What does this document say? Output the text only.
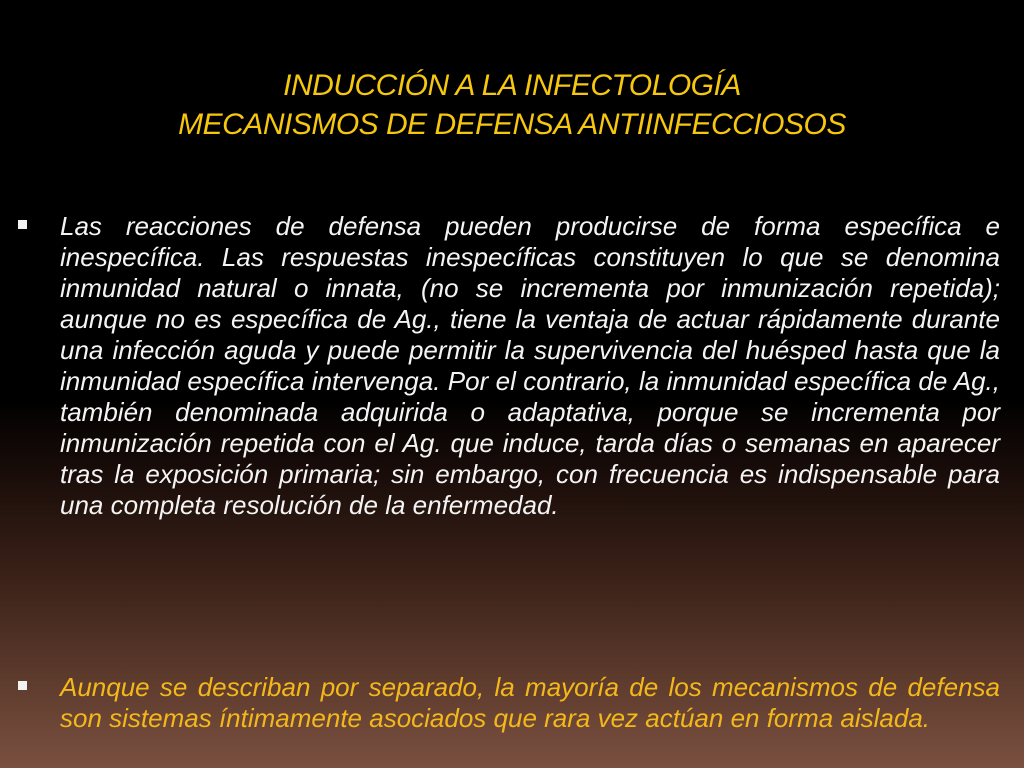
INDUCCIÓN A LA INFECTOLOGÍA
MECANISMOS DE DEFENSA ANTIINFECCIOSOS
Las reacciones de defensa pueden producirse de forma específica e inespecífica. Las respuestas inespecíficas constituyen lo que se denomina inmunidad natural o innata, (no se incrementa por inmunización repetida); aunque no es específica de Ag., tiene la ventaja de actuar rápidamente durante una infección aguda y puede permitir la supervivencia del huésped hasta que la inmunidad específica intervenga. Por el contrario, la inmunidad específica de Ag., también denominada adquirida o adaptativa, porque se incrementa por inmunización repetida con el Ag. que induce, tarda días o semanas en aparecer tras la exposición primaria; sin embargo, con frecuencia es indispensable para una completa resolución de la enfermedad.
Aunque se describan por separado, la mayoría de los mecanismos de defensa son sistemas íntimamente asociados que rara vez actúan en forma aislada.
